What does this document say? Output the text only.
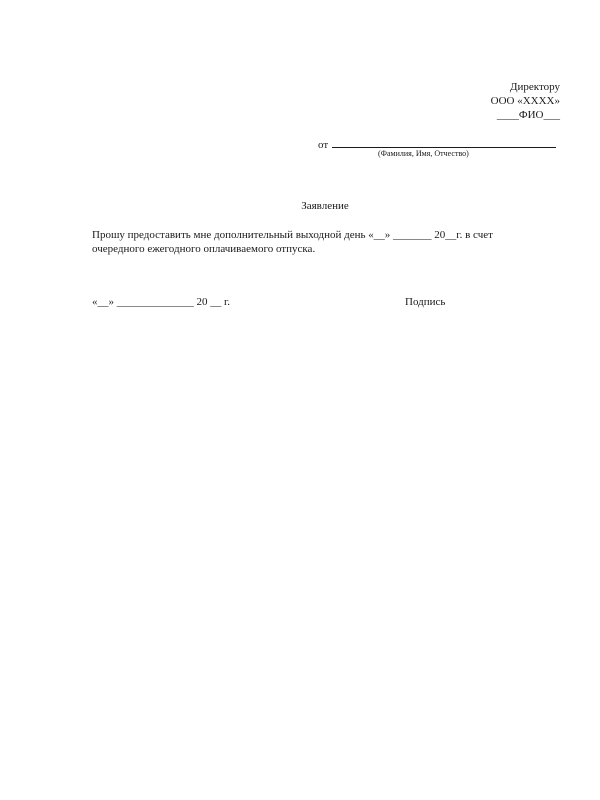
Директору
ООО «XXXX»
____ФИО___
от
(Фамилия, Имя, Отчество)
Заявление
Прошу предоставить мне дополнительный выходной день «__» _______ 20__г. в счет
очередного ежегодного оплачиваемого отпуска.
«__» ______________ 20 __ г.	Подпись
